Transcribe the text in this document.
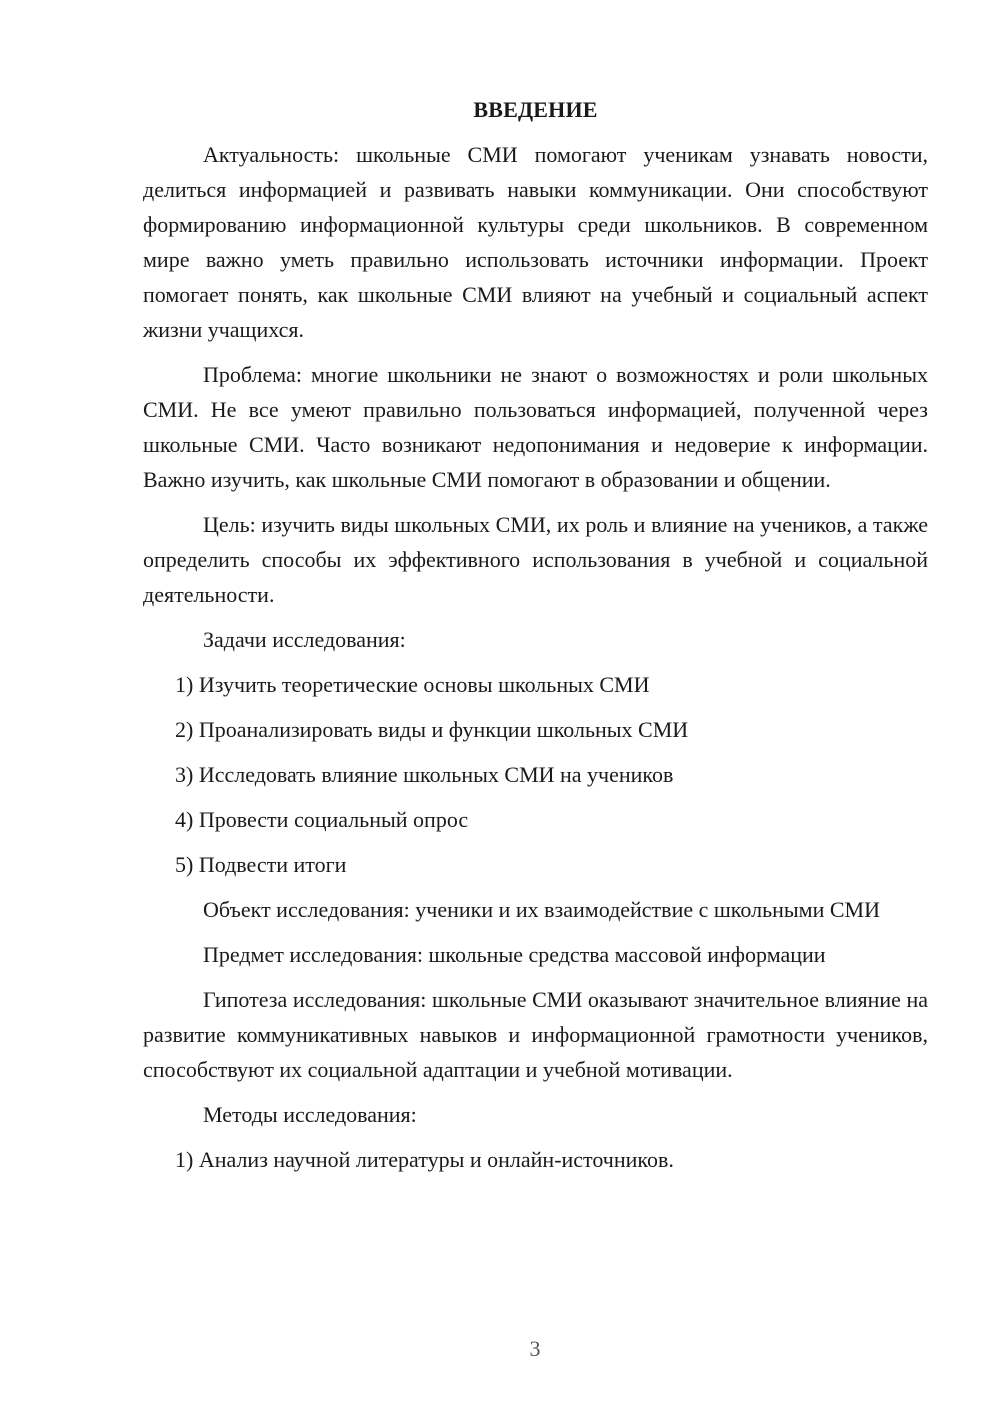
ВВЕДЕНИЕ

Актуальность: школьные СМИ помогают ученикам узнавать новости, делиться информацией и развивать навыки коммуникации. Они способствуют формированию информационной культуры среди школьников. В современном мире важно уметь правильно использовать источники информации. Проект помогает понять, как школьные СМИ влияют на учебный и социальный аспект жизни учащихся.

Проблема: многие школьники не знают о возможностях и роли школьных СМИ. Не все умеют правильно пользоваться информацией, полученной через школьные СМИ. Часто возникают недопонимания и недоверие к информации. Важно изучить, как школьные СМИ помогают в образовании и общении.

Цель: изучить виды школьных СМИ, их роль и влияние на учеников, а также определить способы их эффективного использования в учебной и социальной деятельности.

Задачи исследования:

1) Изучить теоретические основы школьных СМИ
2) Проанализировать виды и функции школьных СМИ
3) Исследовать влияние школьных СМИ на учеников
4) Провести социальный опрос
5) Подвести итоги

Объект исследования: ученики и их взаимодействие с школьными СМИ

Предмет исследования: школьные средства массовой информации

Гипотеза исследования: школьные СМИ оказывают значительное влияние на развитие коммуникативных навыков и информационной грамотности учеников, способствуют их социальной адаптации и учебной мотивации.

Методы исследования:

1) Анализ научной литературы и онлайн-источников.
3
